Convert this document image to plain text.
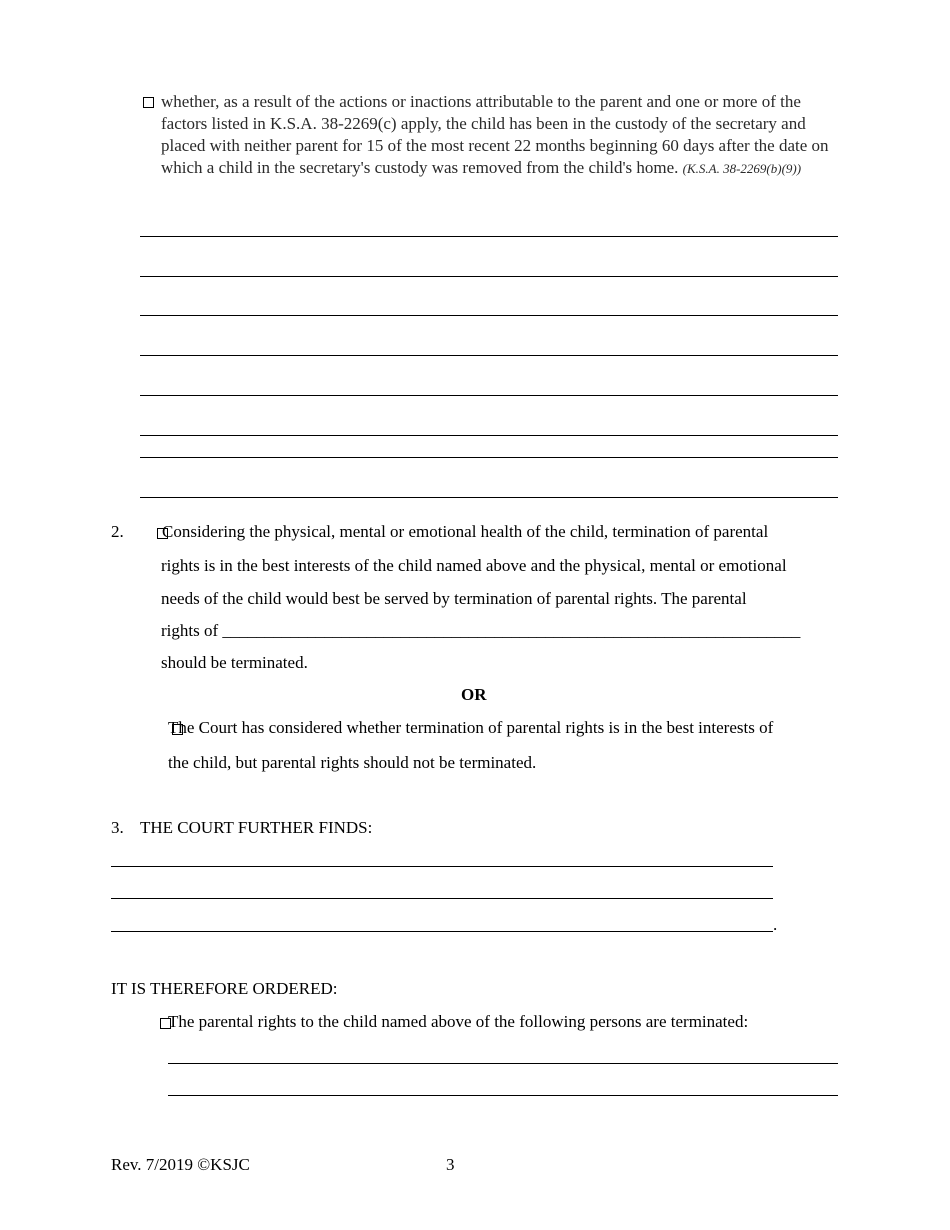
whether, as a result of the actions or inactions attributable to the parent and one or more of the factors listed in K.S.A. 38-2269(c) apply, the child has been in the custody of the secretary and placed with neither parent for 15 of the most recent 22 months beginning 60 days after the date on which a child in the secretary's custody was removed from the child's home. (K.S.A. 38-2269(b)(9))
2.
Considering the physical, mental or emotional health of the child, termination of parental
rights is in the best interests of the child named above and the physical, mental or emotional
needs of the child would best be served by termination of parental rights. The parental
rights of ____________________________________________________________________
should be terminated.
OR

The Court has considered whether termination of parental rights is in the best interests of
the child, but parental rights should not be terminated.
3. THE COURT FURTHER FINDS:
.
IT IS THEREFORE ORDERED:
The parental rights to the child named above of the following persons are terminated:
Rev. 7/2019 ©KSJC	3
